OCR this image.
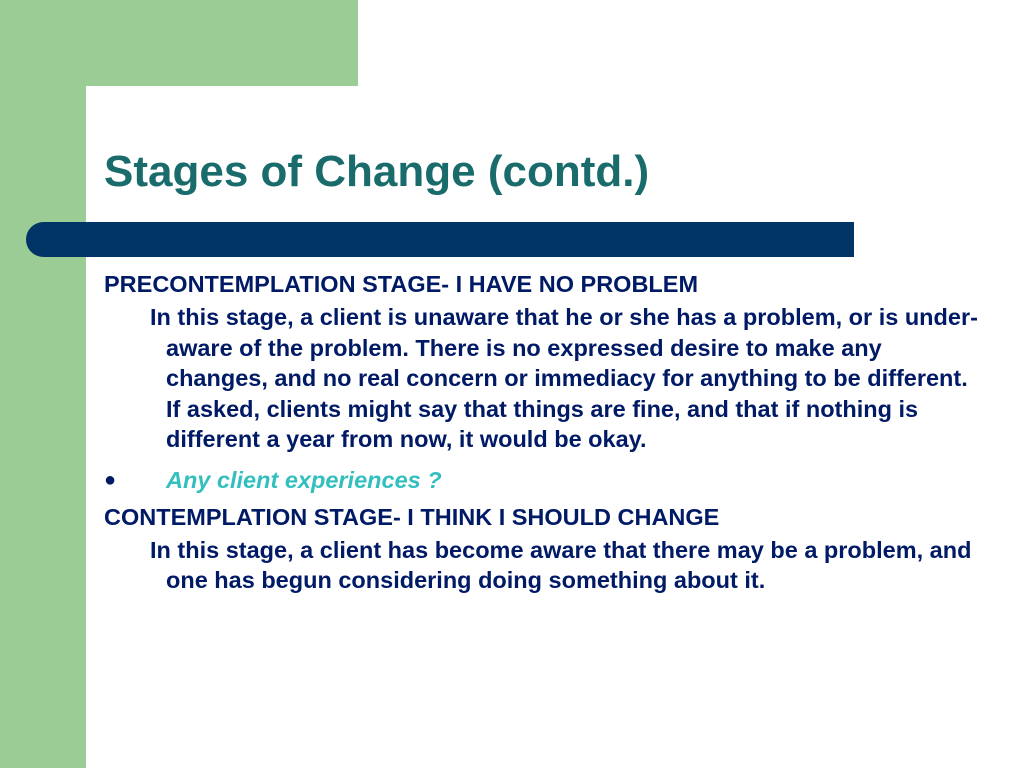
Stages of Change (contd.)

PRECONTEMPLATION STAGE- I HAVE NO PROBLEM

In this stage, a client is unaware that he or she has a problem, or is under-aware of the problem. There is no expressed desire to make any changes, and no real concern or immediacy for anything to be different. If asked, clients might say that things are fine, and that if nothing is different a year from now, it would be okay.

● Any client experiences ?

CONTEMPLATION STAGE- I THINK I SHOULD CHANGE

In this stage, a client has become aware that there may be a problem, and one has begun considering doing something about it.
